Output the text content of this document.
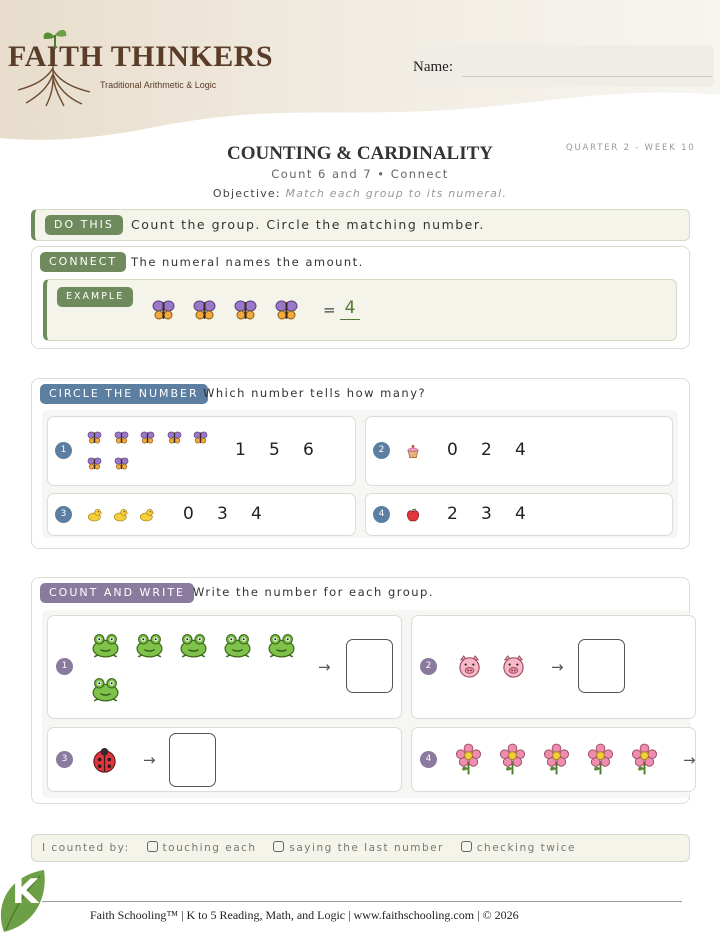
FAITH THINKERS
Traditional Arithmetic & Logic
Name:
QUARTER 2 - WEEK 10
COUNTING & CARDINALITY
Count 6 and 7 • Connect
Objective: Match each group to its numeral.
DO THIS	Count the group. Circle the matching number.
CONNECT	The numeral names the amount.
EXAMPLE
= 4
CIRCLE THE NUMBER Which number tells how many?
1	1 5 6	2	0 2 4
3	0 3 4	4	2 3 4
COUNT AND WRITE Write the number for each group.
1	→	2	→
3	→	4	→
I counted by:	touching each	saying the last number	checking twice
K
Faith Schooling™ | K to 5 Reading, Math, and Logic | www.faithschooling.com | © 2026
